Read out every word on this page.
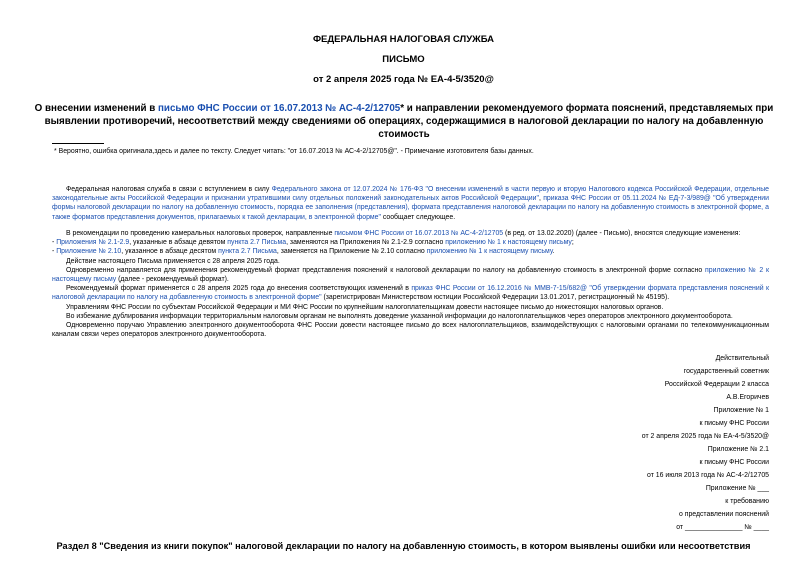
ФЕДЕРАЛЬНАЯ НАЛОГОВАЯ СЛУЖБА
ПИСЬМО
от 2 апреля 2025 года № ЕА-4-5/3520@
О внесении изменений в письмо ФНС России от 16.07.2013 № АС-4-2/12705* и направлении рекомендуемого формата пояснений, представляемых при выявлении противоречий, несоответствий между сведениями об операциях, содержащимися в налоговой декларации по налогу на добавленную стоимость
* Вероятно, ошибка оригинала,здесь и далее по тексту. Следует читать: "от 16.07.2013 № АС-4-2/12705@". - Примечание изготовителя базы данных.
Федеральная налоговая служба в связи с вступлением в силу Федерального закона от 12.07.2024 № 176-ФЗ "О внесении изменений в части первую и вторую Налогового кодекса Российской Федерации, отдельные законодательные акты Российской Федерации и признании утратившими силу отдельных положений законодательных актов Российской Федерации", приказа ФНС России от 05.11.2024 № ЕД-7-3/989@ "Об утверждении формы налоговой декларации по налогу на добавленную стоимость, порядка ее заполнения (представления), формата представления налоговой декларации по налогу на добавленную стоимость в электронной форме, а также форматов представления документов, прилагаемых к такой декларации, в электронной форме" сообщает следующее.

В рекомендации по проведению камеральных налоговых проверок, направленные письмом ФНС России от 16.07.2013 № АС-4-2/12705 (в ред. от 13.02.2020) (далее - Письмо), вносятся следующие изменения:

- Приложения № 2.1-2.9, указанные в абзаце девятом пункта 2.7 Письма, заменяются на Приложения № 2.1-2.9 согласно приложению № 1 к настоящему письму;

- Приложение № 2.10, указанное в абзаце десятом пункта 2.7 Письма, заменяется на Приложение № 2.10 согласно приложению № 1 к настоящему письму.

Действие настоящего Письма применяется с 28 апреля 2025 года.

Одновременно направляется для применения рекомендуемый формат представления пояснений к налоговой декларации по налогу на добавленную стоимость в электронной форме согласно приложению № 2 к настоящему письму (далее - рекомендуемый формат).

Рекомендуемый формат применяется с 28 апреля 2025 года до внесения соответствующих изменений в приказ ФНС России от 16.12.2016 № ММВ-7-15/682@ "Об утверждении формата представления пояснений к налоговой декларации по налогу на добавленную стоимость в электронной форме" (зарегистрирован Министерством юстиции Российской Федерации 13.01.2017, регистрационный № 45195).

Управлениям ФНС России по субъектам Российской Федерации и МИ ФНС России по крупнейшим налогоплательщикам довести настоящее письмо до нижестоящих налоговых органов.

Во избежание дублирования информации территориальным налоговым органам не выполнять доведение указанной информации до налогоплательщиков через операторов электронного документооборота.

Одновременно поручаю Управлению электронного документооборота ФНС России довести настоящее письмо до всех налогоплательщиков, взаимодействующих с налоговыми органами по телекоммуникационным каналам связи через операторов электронного документооборота.

Действительный
государственный советник
Российской Федерации 2 класса
А.В.Егоричев
Приложение № 1
к письму ФНС России
от 2 апреля 2025 года № ЕА-4-5/3520@
Приложение № 2.1
к письму ФНС России
от 16 июля 2013 года № АС-4-2/12705
Приложение № ___
к требованию
о представлении пояснений
от _______________ № ____
Раздел 8 "Сведения из книги покупок" налоговой декларации по налогу на добавленную стоимость, в котором выявлены ошибки или несоответствия
